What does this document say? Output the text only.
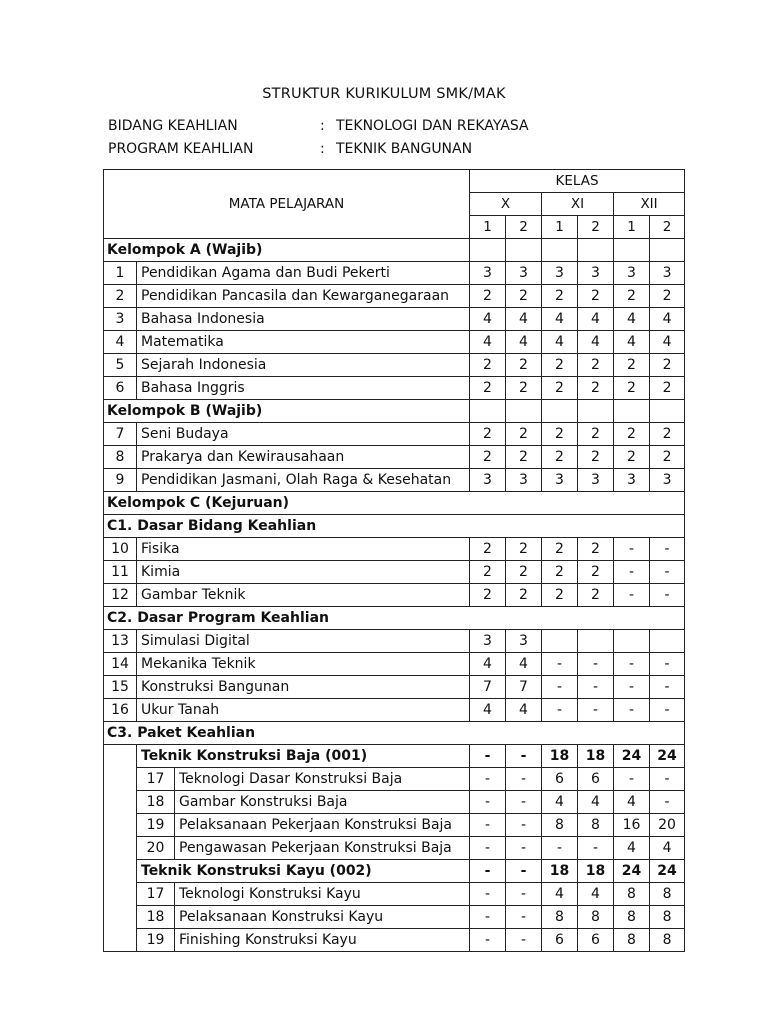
STRUKTUR KURIKULUM SMK/MAK
BIDANG KEAHLIAN	: TEKNOLOGI DAN REKAYASA
PROGRAM KEAHLIAN	: TEKNIK BANGUNAN
MATA PELAJARAN			KELAS					
			X		XI		XII	
			1	2	1	2	1	2
Kelompok A (Wajib)								
1	Pendidikan Agama dan Budi Pekerti		3	3	3	3	3	3
2	Pendidikan Pancasila dan Kewarganegaraan		2	2	2	2	2	2
3	Bahasa Indonesia		4	4	4	4	4	4
4	Matematika		4	4	4	4	4	4
5	Sejarah Indonesia		2	2	2	2	2	2
6	Bahasa Inggris		2	2	2	2	2	2
Kelompok B (Wajib)								
7	Seni Budaya		2	2	2	2	2	2
8	Prakarya dan Kewirausahaan		2	2	2	2	2	2
9	Pendidikan Jasmani, Olah Raga & Kesehatan		3	3	3	3	3	3
Kelompok C (Kejuruan)								
C1. Dasar Bidang Keahlian								
10	Fisika		2	2	2	2	-	-
11	Kimia		2	2	2	2	-	-
12	Gambar Teknik		2	2	2	2	-	-
C2. Dasar Program Keahlian								
13	Simulasi Digital		3	3				
14	Mekanika Teknik		4	4	-	-	-	-
15	Konstruksi Bangunan		7	7	-	-	-	-
16	Ukur Tanah		4	4	-	-	-	-
C3. Paket Keahlian								
	Teknik Konstruksi Baja (001)		-	-	18	18	24	24
	17	Teknologi Dasar Konstruksi Baja	-	-	6	6	-	-
	18	Gambar Konstruksi Baja	-	-	4	4	4	-
	19	Pelaksanaan Pekerjaan Konstruksi Baja	-	-	8	8	16	20
	20	Pengawasan Pekerjaan Konstruksi Baja	-	-	-	-	4	4
	Teknik Konstruksi Kayu (002)		-	-	18	18	24	24
	17	Teknologi Konstruksi Kayu	-	-	4	4	8	8
	18	Pelaksanaan Konstruksi Kayu	-	-	8	8	8	8
	19	Finishing Konstruksi Kayu	-	-	6	6	8	8
